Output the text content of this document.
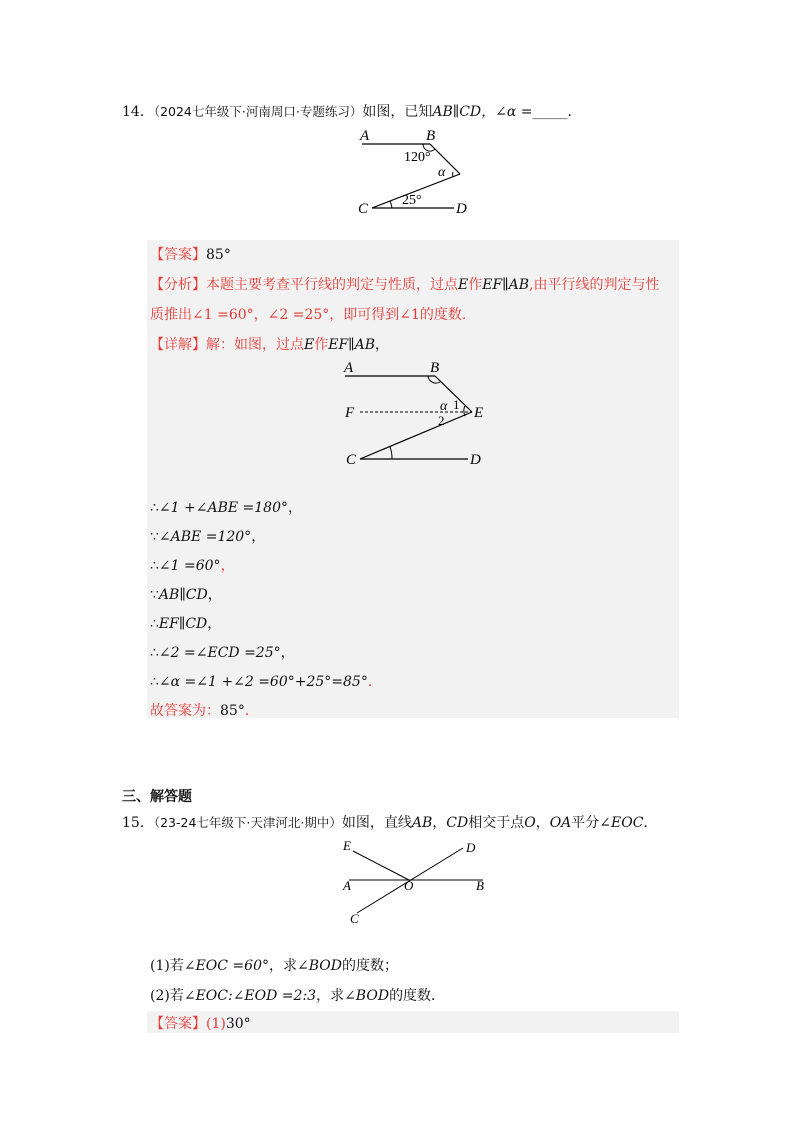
14．（2024七年级下·河南周口·专题练习）如图，已知AB∥CD，∠α =_____．
A	B
120°
α
C
25°
D
【答案】85°
【分析】本题主要考查平行线的判定与性质，过点E作EF∥AB,由平行线的判定与性
质推出∠1 =60°，∠2 =25°，即可得到∠1的度数．
【详解】解：如图，过点E作EF∥AB，
A	B
F	α 1
2 E
C	D
∴∠1 +∠ABE =180°，
∵∠ABE =120°，
∴∠1 =60°，
∵AB∥CD，
∴EF∥CD，
∴∠2 =∠ECD =25°，
∴∠α =∠1 +∠2 =60°+25°=85°．
故答案为：85°．
三、解答题
15．（23-24七年级下·天津河北·期中）如图，直线AB，CD相交于点O，OA平分∠EOC．
E	D
A	O	B
C
(1)若∠EOC =60°，求∠BOD的度数；
(2)若∠EOC:∠EOD =2:3，求∠BOD的度数．
【答案】(1)30°
